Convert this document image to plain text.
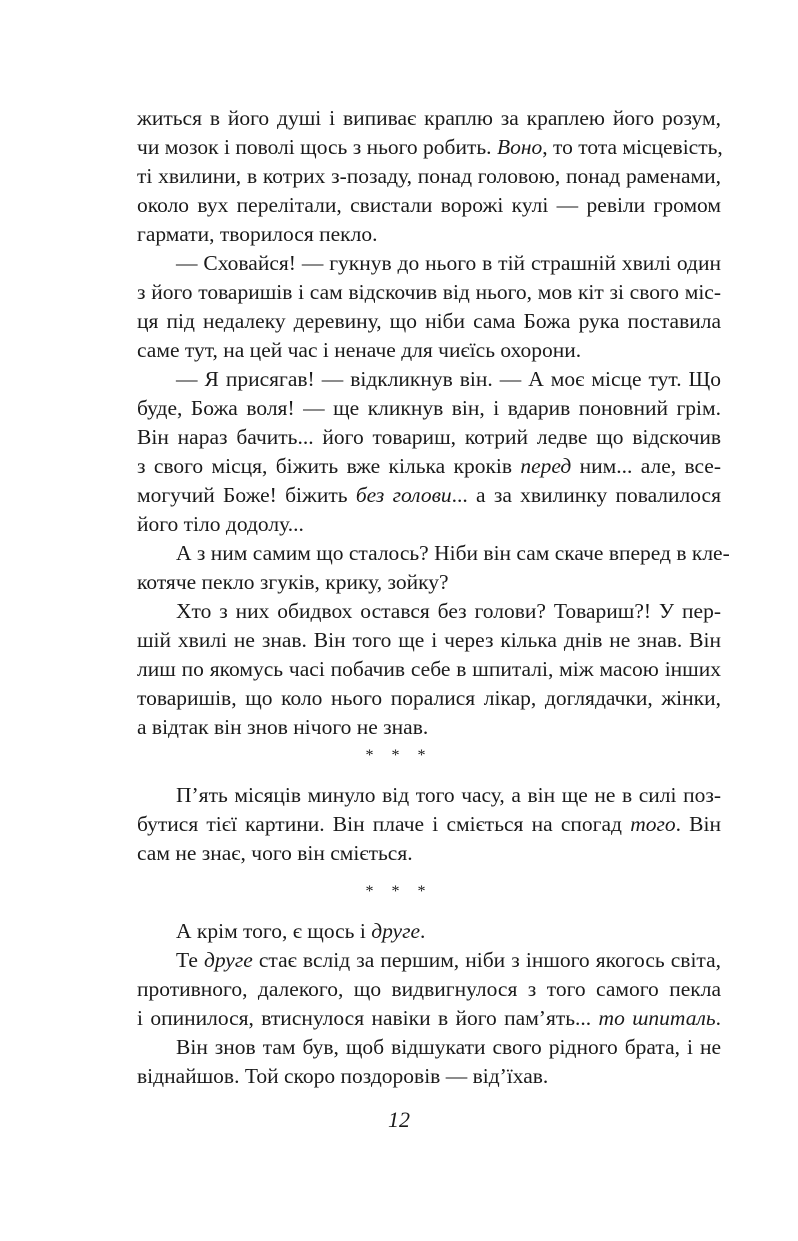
житься в його душі і випиває краплю за краплею його розум,
чи мозок і поволі щось з нього робить. Воно, то тота місцевість,
ті хвилини, в котрих з-позаду, понад головою, понад раменами,
около вух перелітали, свистали ворожі кулі — ревіли громом
гармати, творилося пекло.
— Сховайся! — гукнув до нього в тій страшній хвилі один
з його товаришів і сам відскочив від нього, мов кіт зі свого міс-
ця під недалеку деревину, що ніби сама Божа рука поставила
саме тут, на цей час і неначе для чиєїсь охорони.
— Я присягав! — відкликнув він. — А моє місце тут. Що
буде, Божа воля! — ще кликнув він, і вдарив поновний грім.
Він нараз бачить... його товариш, котрий ледве що відскочив
з свого місця, біжить вже кілька кроків перед ним... але, все-
могучий Боже! біжить без голови... а за хвилинку повалилося
його тіло додолу...
А з ним самим що сталось? Ніби він сам скаче вперед в кле-
котяче пекло згуків, крику, зойку?
Хто з них обидвох остався без голови? Товариш?! У пер-
шій хвилі не знав. Він того ще і через кілька днів не знав. Він
лиш по якомусь часі побачив себе в шпиталі, між масою інших
товаришів, що коло нього поралися лікар, доглядачки, жінки,
а відтак він знов нічого не знав.
* * *
П’ять місяців минуло від того часу, а він ще не в силі поз-
бутися тієї картини. Він плаче і сміється на спогад того. Він
сам не знає, чого він сміється.
* * *
А крім того, є щось і друге.
Те друге стає вслід за першим, ніби з іншого якогось світа,
противного, далекого, що видвигнулося з того самого пекла
і опинилося, втиснулося навіки в його пам’ять... то шпиталь.
Він знов там був, щоб відшукати свого рідного брата, і не
віднайшов. Той скоро поздоровів — від’їхав.
12
